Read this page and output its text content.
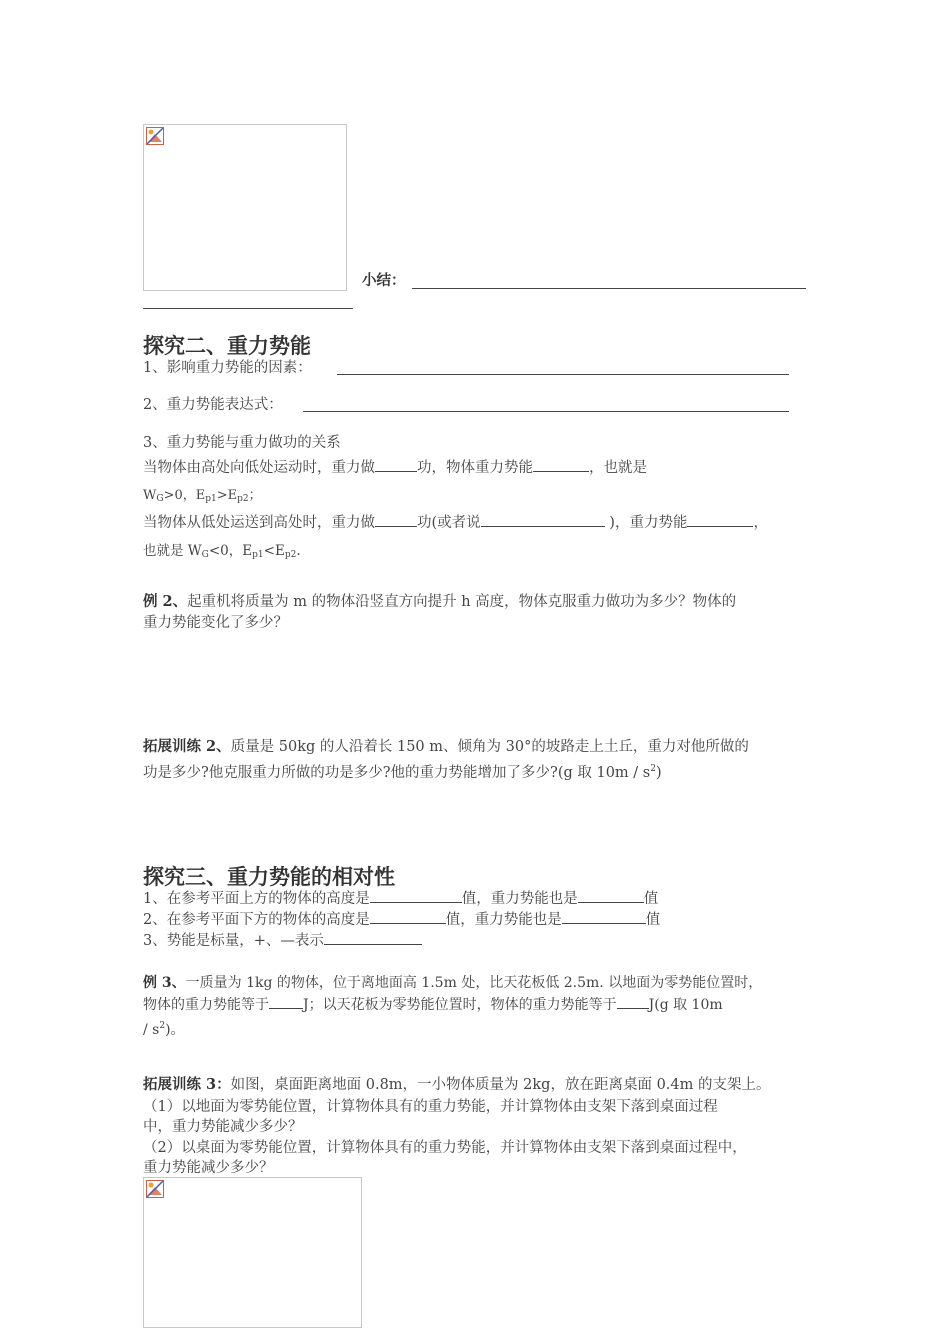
小结：
探究二、重力势能
1、影响重力势能的因素：
2、重力势能表达式：
3、重力势能与重力做功的关系
当物体由高处向低处运动时，重力做	功，物体重力势能	，也就是
$W_G>0$，$E_{p1}>E_{p2}$；
当物体从低处运送到高处时，重力做	功(或者说	)，重力势能	，
也就是 $W_G<0$，$E_{p1}<E_{p2}$.
例 2、起重机将质量为 m 的物体沿竖直方向提升 h 高度，物体克服重力做功为多少？物体的
重力势能变化了多少？
拓展训练 2、质量是 50kg 的人沿着长 150 m、倾角为 30°的坡路走上土丘，重力对他所做的
功是多少?他克服重力所做的功是多少?他的重力势能增加了多少?(g 取 $10m / s^2$)
探究三、重力势能的相对性
1、在参考平面上方的物体的高度是	值，重力势能也是	值
2、在参考平面下方的物体的高度是	值，重力势能也是	值
3、势能是标量，+、—表示
例 3、一质量为 1kg 的物体，位于离地面高 1.5m 处，比天花板低 2.5m. 以地面为零势能位置时，
物体的重力势能等于 J；以天花板为零势能位置时，物体的重力势能等于 J(g 取 10m
/ $s^2$)。
拓展训练 3：如图，桌面距离地面 0.8m，一小物体质量为 2kg，放在距离桌面 0.4m 的支架上。
（1）以地面为零势能位置，计算物体具有的重力势能，并计算物体由支架下落到桌面过程
中，重力势能减少多少？
（2）以桌面为零势能位置，计算物体具有的重力势能，并计算物体由支架下落到桌面过程中，
重力势能减少多少？
